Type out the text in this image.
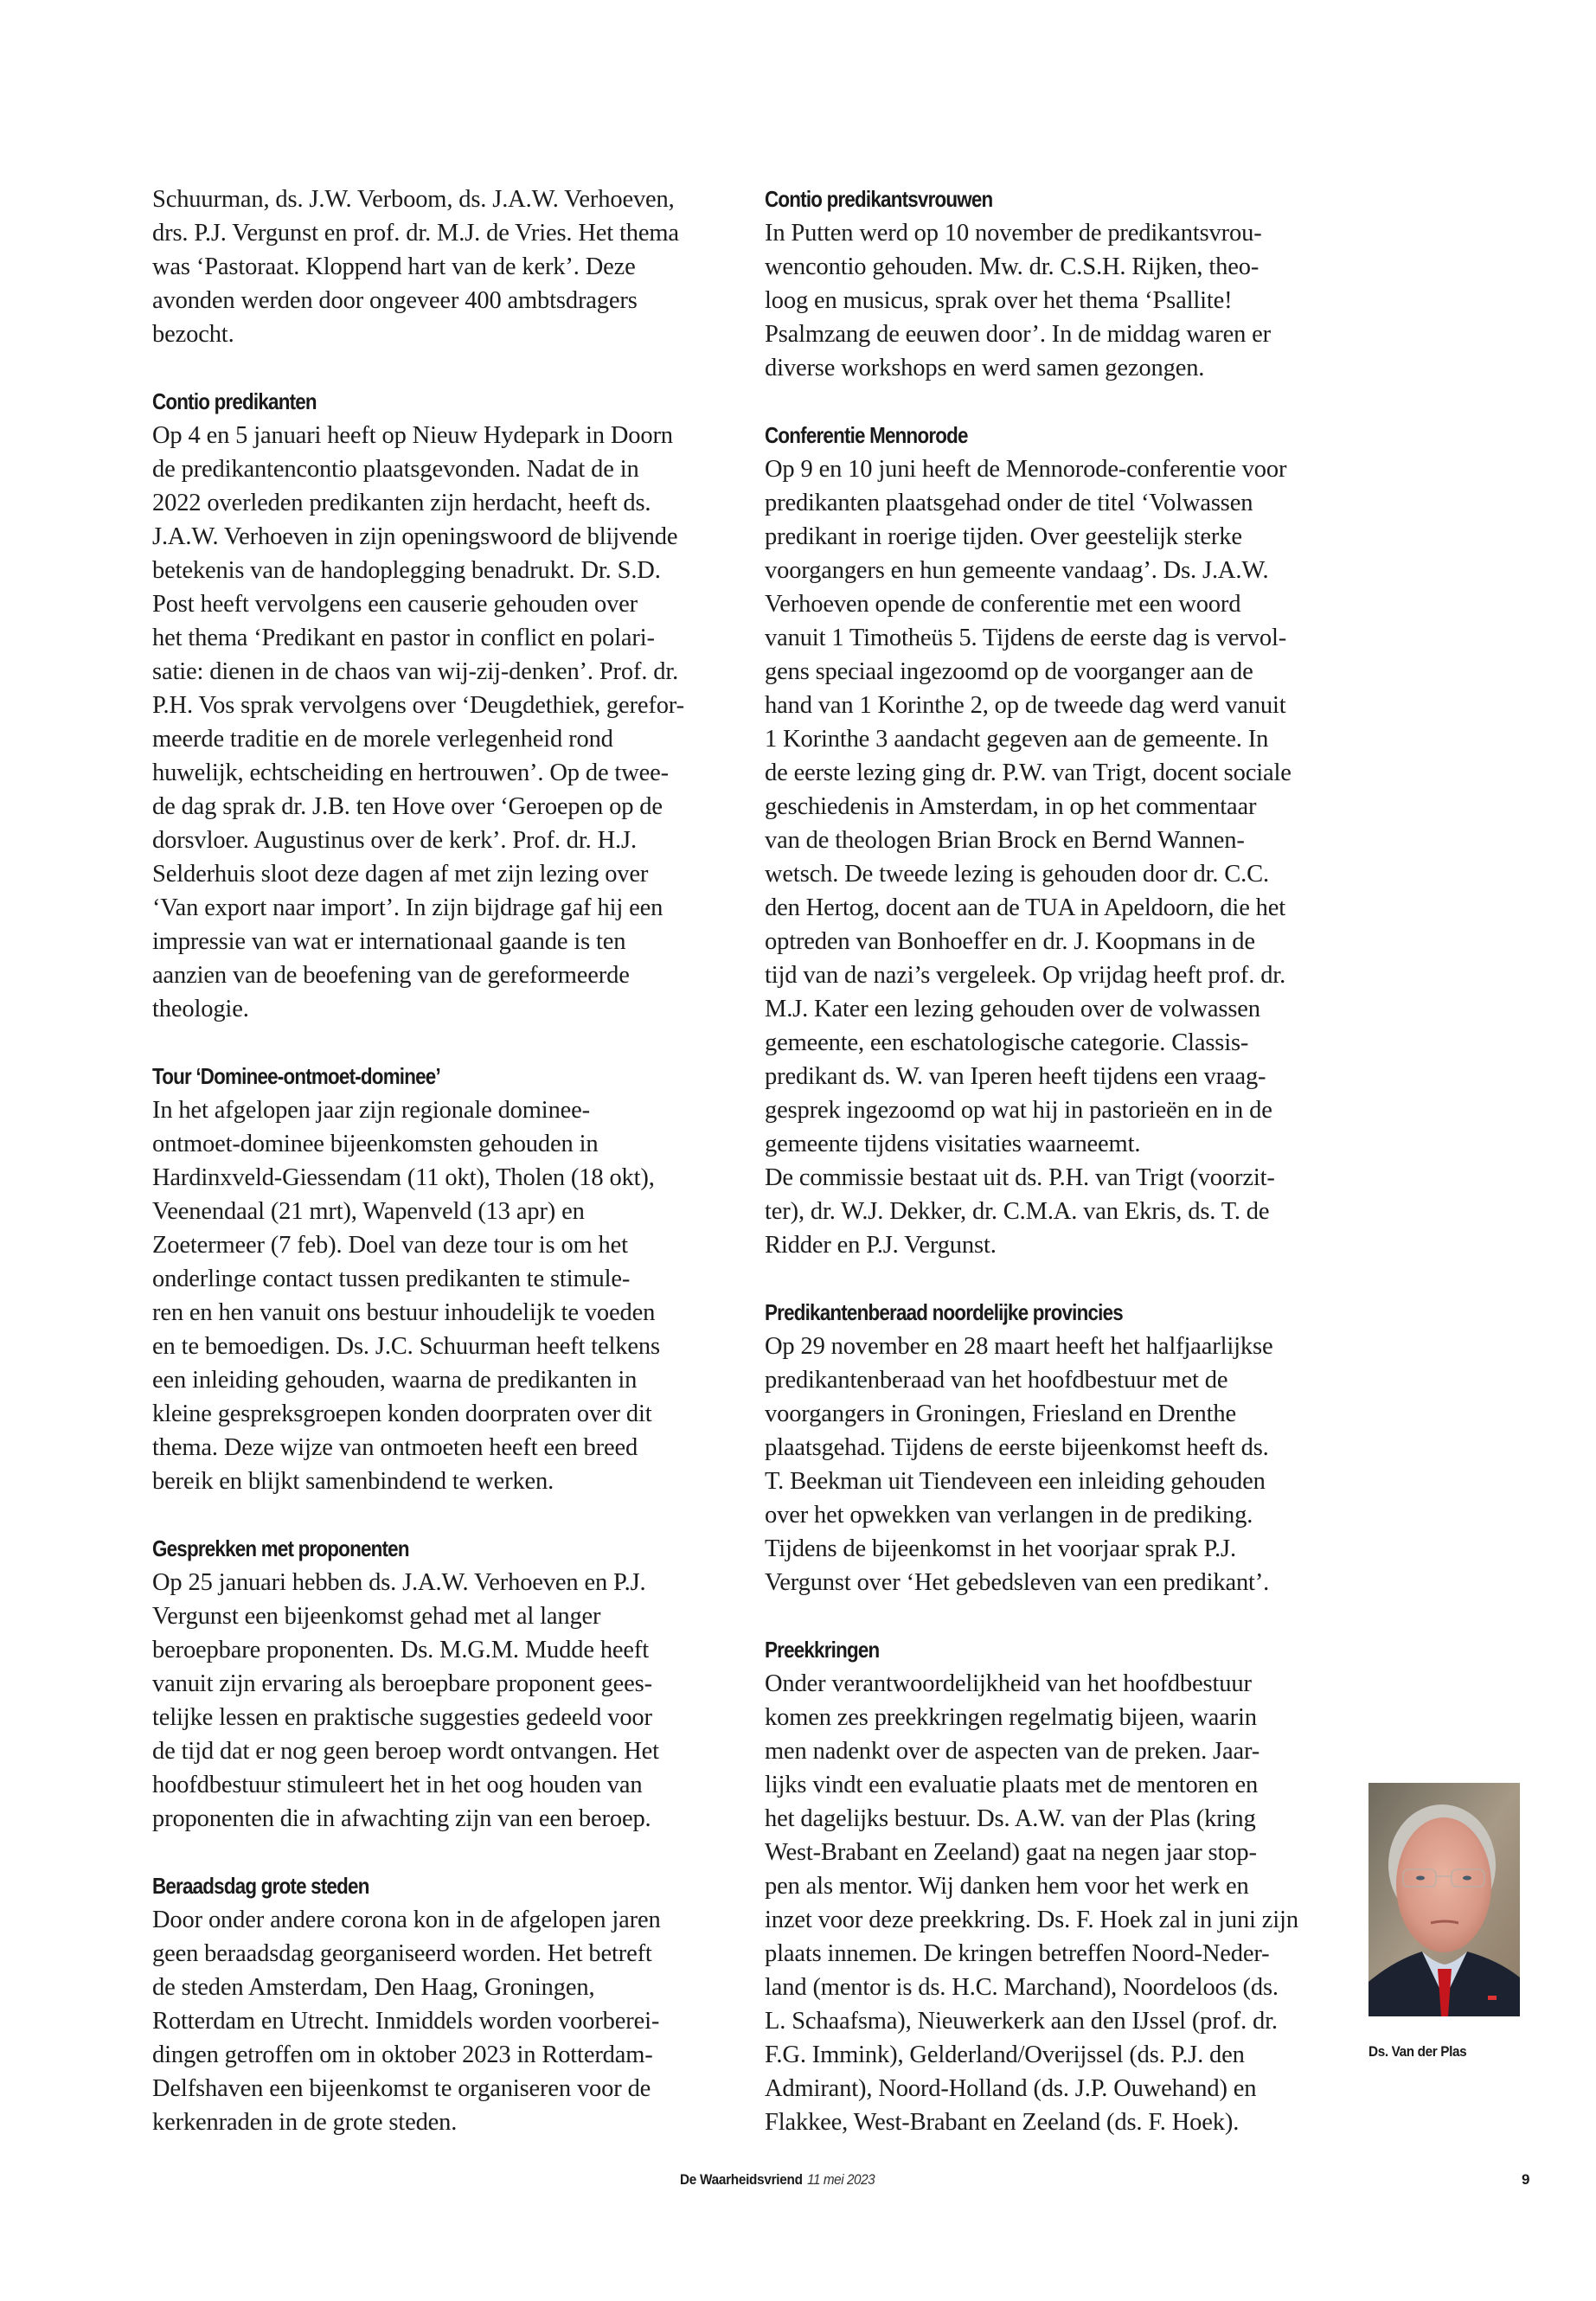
Schuurman, ds. J.W. Verboom, ds. J.A.W. Verhoeven,
drs. P.J. Vergunst en prof. dr. M.J. de Vries. Het thema
was ‘Pastoraat. Kloppend hart van de kerk’. Deze
avonden werden door ongeveer 400 ambtsdragers
bezocht.
Contio predikanten
Op 4 en 5 januari heeft op Nieuw Hydepark in Doorn
de predikantencontio plaatsgevonden. Nadat de in
2022 overleden predikanten zijn herdacht, heeft ds.
J.A.W. Verhoeven in zijn openingswoord de blijvende
betekenis van de handoplegging benadrukt. Dr. S.D.
Post heeft vervolgens een causerie gehouden over
het thema ‘Predikant en pastor in conflict en polari-
satie: dienen in de chaos van wij-zij-denken’. Prof. dr.
P.H. Vos sprak vervolgens over ‘Deugdethiek, gerefor-
meerde traditie en de morele verlegenheid rond
huwelijk, echtscheiding en hertrouwen’. Op de twee-
de dag sprak dr. J.B. ten Hove over ‘Geroepen op de
dorsvloer. Augustinus over de kerk’. Prof. dr. H.J.
Selderhuis sloot deze dagen af met zijn lezing over
‘Van export naar import’. In zijn bijdrage gaf hij een
impressie van wat er internationaal gaande is ten
aanzien van de beoefening van de gereformeerde
theologie.
Tour ‘Dominee-ontmoet-dominee’
In het afgelopen jaar zijn regionale dominee-
ontmoet-dominee bijeenkomsten gehouden in
Hardinxveld-Giessendam (11 okt), Tholen (18 okt),
Veenendaal (21 mrt), Wapenveld (13 apr) en
Zoetermeer (7 feb). Doel van deze tour is om het
onderlinge contact tussen predikanten te stimule-
ren en hen vanuit ons bestuur inhoudelijk te voeden
en te bemoedigen. Ds. J.C. Schuurman heeft telkens
een inleiding gehouden, waarna de predikanten in
kleine gespreksgroepen konden doorpraten over dit
thema. Deze wijze van ontmoeten heeft een breed
bereik en blijkt samenbindend te werken.
Gesprekken met proponenten
Op 25 januari hebben ds. J.A.W. Verhoeven en P.J.
Vergunst een bijeenkomst gehad met al langer
beroepbare proponenten. Ds. M.G.M. Mudde heeft
vanuit zijn ervaring als beroepbare proponent gees-
telijke lessen en praktische suggesties gedeeld voor
de tijd dat er nog geen beroep wordt ontvangen. Het
hoofdbestuur stimuleert het in het oog houden van
proponenten die in afwachting zijn van een beroep.
Beraadsdag grote steden
Door onder andere corona kon in de afgelopen jaren
geen beraadsdag georganiseerd worden. Het betreft
de steden Amsterdam, Den Haag, Groningen,
Rotterdam en Utrecht. Inmiddels worden voorberei-
dingen getroffen om in oktober 2023 in Rotterdam-
Delfshaven een bijeenkomst te organiseren voor de
kerkenraden in de grote steden.
Contio predikantsvrouwen
In Putten werd op 10 november de predikantsvrou-
wencontio gehouden. Mw. dr. C.S.H. Rijken, theo-
loog en musicus, sprak over het thema ‘Psallite!
Psalmzang de eeuwen door’. In de middag waren er
diverse workshops en werd samen gezongen.
Conferentie Mennorode
Op 9 en 10 juni heeft de Mennorode-conferentie voor
predikanten plaatsgehad onder de titel ‘Volwassen
predikant in roerige tijden. Over geestelijk sterke
voorgangers en hun gemeente vandaag’. Ds. J.A.W.
Verhoeven opende de conferentie met een woord
vanuit 1 Timotheüs 5. Tijdens de eerste dag is vervol-
gens speciaal ingezoomd op de voorganger aan de
hand van 1 Korinthe 2, op de tweede dag werd vanuit
1 Korinthe 3 aandacht gegeven aan de gemeente. In
de eerste lezing ging dr. P.W. van Trigt, docent sociale
geschiedenis in Amsterdam, in op het commentaar
van de theologen Brian Brock en Bernd Wannen-
wetsch. De tweede lezing is gehouden door dr. C.C.
den Hertog, docent aan de TUA in Apeldoorn, die het
optreden van Bonhoeffer en dr. J. Koopmans in de
tijd van de nazi’s vergeleek. Op vrijdag heeft prof. dr.
M.J. Kater een lezing gehouden over de volwassen
gemeente, een eschatologische categorie. Classis-
predikant ds. W. van Iperen heeft tijdens een vraag-
gesprek ingezoomd op wat hij in pastorieën en in de
gemeente tijdens visitaties waarneemt.
De commissie bestaat uit ds. P.H. van Trigt (voorzit-
ter), dr. W.J. Dekker, dr. C.M.A. van Ekris, ds. T. de
Ridder en P.J. Vergunst.
Predikantenberaad noordelijke provincies
Op 29 november en 28 maart heeft het halfjaarlijkse
predikantenberaad van het hoofdbestuur met de
voorgangers in Groningen, Friesland en Drenthe
plaatsgehad. Tijdens de eerste bijeenkomst heeft ds.
T. Beekman uit Tiendeveen een inleiding gehouden
over het opwekken van verlangen in de prediking.
Tijdens de bijeenkomst in het voorjaar sprak P.J.
Vergunst over ‘Het gebedsleven van een predikant’.
Preekkringen
Onder verantwoordelijkheid van het hoofdbestuur
komen zes preekkringen regelmatig bijeen, waarin
men nadenkt over de aspecten van de preken. Jaar-
lijks vindt een evaluatie plaats met de mentoren en
het dagelijks bestuur. Ds. A.W. van der Plas (kring
West-Brabant en Zeeland) gaat na negen jaar stop-
pen als mentor. Wij danken hem voor het werk en
inzet voor deze preekkring. Ds. F. Hoek zal in juni zijn
plaats innemen. De kringen betreffen Noord-Neder-
land (mentor is ds. H.C. Marchand), Noordeloos (ds.
L. Schaafsma), Nieuwerkerk aan den IJssel (prof. dr.
F.G. Immink), Gelderland/Overijssel (ds. P.J. den
Admirant), Noord-Holland (ds. J.P. Ouwehand) en
Flakkee, West-Brabant en Zeeland (ds. F. Hoek).
Ds. Van der Plas
De Waarheidsvriend 11 mei 2023	9
